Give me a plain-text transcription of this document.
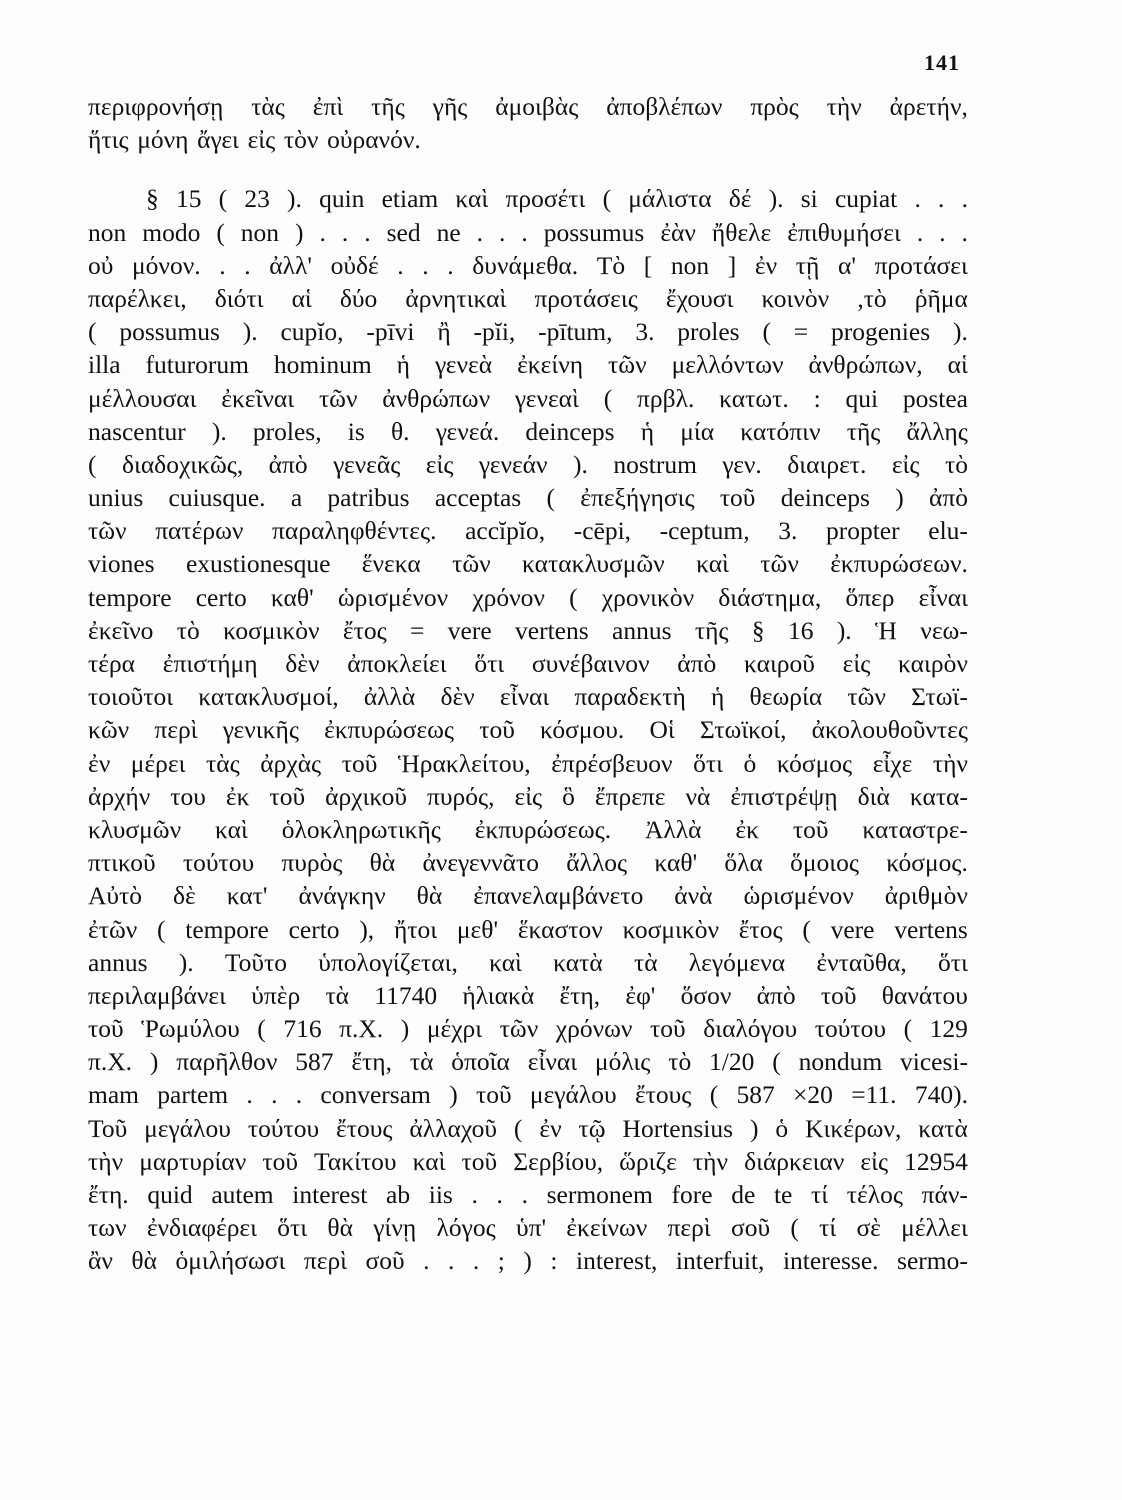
141
περιφρονήσῃ τὰς ἐπὶ τῆς γῆς ἀμοιβὰς ἀποβλέπων πρὸς τὴν ἀρετήν,
ἥτις μόνη ἄγει εἰς τὸν οὐρανόν.
§ 15 ( 23 ). quin etiam καὶ προσέτι ( μάλιστα δέ ). si cupiat . . .
non modo ( non ) . . . sed ne . . . possumus ἐὰν ἤθελε ἐπιθυμήσει . . .
οὐ μόνον. . . ἀλλ' οὐδέ . . . δυνάμεθα. Τὸ [ non ] ἐν τῇ α' προτάσει
παρέλκει, διότι αἱ δύο ἀρνητικαὶ προτάσεις ἔχουσι κοινὸν ,τὸ ῥῆμα
( possumus ). cupĭo, -pīvi ἢ -pĭi, -pītum, 3. proles ( = progenies ).
illa futurorum hominum ἡ γενεὰ ἐκείνη τῶν μελλόντων ἀνθρώπων, αἱ
μέλλουσαι ἐκεῖναι τῶν ἀνθρώπων γενεαὶ ( πρβλ. κατωτ. : qui postea
nascentur ). proles, is θ. γενεά. deinceps ἡ μία κατόπιν τῆς ἄλλης
( διαδοχικῶς, ἀπὸ γενεᾶς εἰς γενεάν ). nostrum γεν. διαιρετ. εἰς τὸ
unius cuiusque. a patribus acceptas ( ἐπεξήγησις τοῦ deinceps ) ἀπὸ
τῶν πατέρων παραληφθέντες. accĭpĭo, -cēpi, -ceptum, 3. propter elu-
viones exustionesque ἕνεκα τῶν κατακλυσμῶν καὶ τῶν ἐκπυρώσεων.
tempore certo καθ' ὡρισμένον χρόνον ( χρονικὸν διάστημα, ὅπερ εἶναι
ἐκεῖνο τὸ κοσμικὸν ἔτος = vere vertens annus τῆς § 16 ). Ἡ νεω-
τέρα ἐπιστήμη δὲν ἀποκλείει ὅτι συνέβαινον ἀπὸ καιροῦ εἰς καιρὸν
τοιοῦτοι κατακλυσμοί, ἀλλὰ δὲν εἶναι παραδεκτὴ ἡ θεωρία τῶν Στωϊ-
κῶν περὶ γενικῆς ἐκπυρώσεως τοῦ κόσμου. Οἱ Στωϊκοί, ἀκολουθοῦντες
ἐν μέρει τὰς ἀρχὰς τοῦ Ἡρακλείτου, ἐπρέσβευον ὅτι ὁ κόσμος εἶχε τὴν
ἀρχήν του ἐκ τοῦ ἀρχικοῦ πυρός, εἰς ὃ ἔπρεπε νὰ ἐπιστρέψῃ διὰ κατα-
κλυσμῶν καὶ ὁλοκληρωτικῆς ἐκπυρώσεως. Ἀλλὰ ἐκ τοῦ καταστρε-
πτικοῦ τούτου πυρὸς θὰ ἀνεγεννᾶτο ἄλλος καθ' ὅλα ὅμοιος κόσμος.
Αὐτὸ δὲ κατ' ἀνάγκην θὰ ἐπανελαμβάνετο ἀνὰ ὡρισμένον ἀριθμὸν
ἐτῶν ( tempore certo ), ἤτοι μεθ' ἕκαστον κοσμικὸν ἔτος ( vere vertens
annus ). Τοῦτο ὑπολογίζεται, καὶ κατὰ τὰ λεγόμενα ἐνταῦθα, ὅτι
περιλαμβάνει ὑπὲρ τὰ 11740 ἡλιακὰ ἔτη, ἐφ' ὅσον ἀπὸ τοῦ θανάτου
τοῦ Ῥωμύλου ( 716 π.Χ. ) μέχρι τῶν χρόνων τοῦ διαλόγου τούτου ( 129
π.Χ. ) παρῆλθον 587 ἔτη, τὰ ὁποῖα εἶναι μόλις τὸ 1/20 ( nondum vicesi-
mam partem . . . conversam ) τοῦ μεγάλου ἔτους ( 587 ×20 =11. 740).
Τοῦ μεγάλου τούτου ἔτους ἀλλαχοῦ ( ἐν τῷ Hortensius ) ὁ Κικέρων, κατὰ
τὴν μαρτυρίαν τοῦ Τακίτου καὶ τοῦ Σερβίου, ὥριζε τὴν διάρκειαν εἰς 12954
ἔτη. quid autem interest ab iis . . . sermonem fore de te τί τέλος πάν-
των ἐνδιαφέρει ὅτι θὰ γίνῃ λόγος ὑπ' ἐκείνων περὶ σοῦ ( τί σὲ μέλλει
ἂν θὰ ὁμιλήσωσι περὶ σοῦ . . . ; ) : interest, interfuit, interesse. sermo-
